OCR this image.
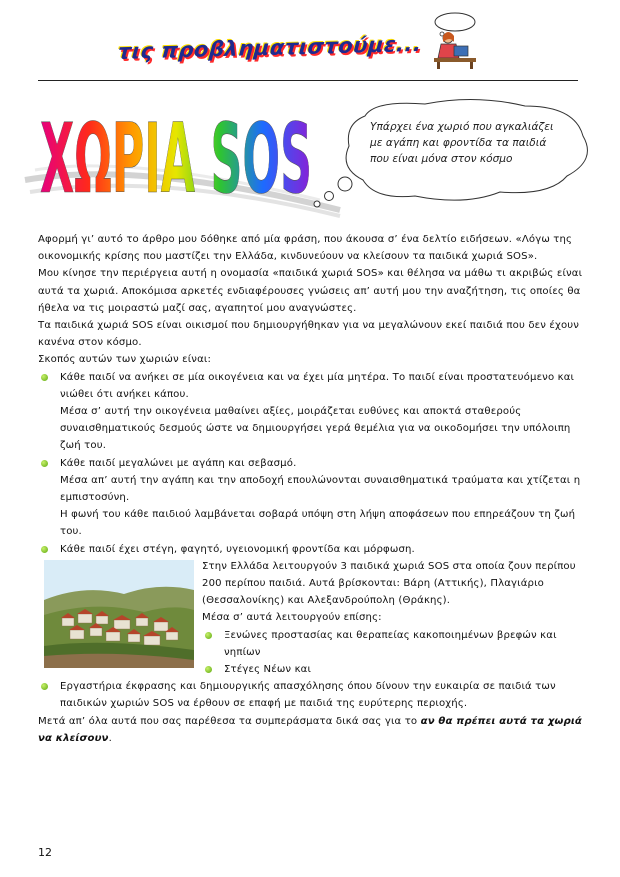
τις προβληματιστούμε...
ΧΩΡΙΑ SOS	Υπάρχει ένα χωριό που αγκαλιάζει με αγάπη και φροντίδα τα παιδιά που είναι μόνα στον κόσμο

Αφορμή γι’ αυτό το άρθρο μου δόθηκε από μία φράση, που άκουσα σ’ ένα δελτίο ειδήσεων. «Λόγω της οικονομικής κρίσης που μαστίζει την Ελλάδα, κινδυνεύουν να κλείσουν τα παιδικά χωριά SOS».

Μου κίνησε την περιέργεια αυτή η ονομασία «παιδικά χωριά SOS» και θέλησα να μάθω τι ακριβώς είναι αυτά τα χωριά. Αποκόμισα αρκετές ενδιαφέρουσες γνώσεις απ’ αυτή μου την αναζήτηση, τις οποίες θα ήθελα να τις μοιραστώ μαζί σας, αγαπητοί μου αναγνώστες.

Τα παιδικά χωριά SOS είναι οικισμοί που δημιουργήθηκαν για να μεγαλώνουν εκεί παιδιά που δεν έχουν κανένα στον κόσμο.

Σκοπός αυτών των χωριών είναι:

Κάθε παιδί να ανήκει σε μία οικογένεια και να έχει μία μητέρα. Το παιδί είναι προστατευόμενο και νιώθει ότι ανήκει κάπου.

Μέσα σ’ αυτή την οικογένεια μαθαίνει αξίες, μοιράζεται ευθύνες και αποκτά σταθερούς συναισθηματικούς δεσμούς ώστε να δημιουργήσει γερά θεμέλια για να οικοδομήσει την υπόλοιπη ζωή του.

Κάθε παιδί μεγαλώνει με αγάπη και σεβασμό.

Μέσα απ’ αυτή την αγάπη και την αποδοχή επουλώνονται συναισθηματικά τραύματα και χτίζεται η εμπιστοσύνη.

Η φωνή του κάθε παιδιού λαμβάνεται σοβαρά υπόψη στη λήψη αποφάσεων που επηρεάζουν τη ζωή του.

Κάθε παιδί έχει στέγη, φαγητό, υγειονομική φροντίδα και μόρφωση.

Στην Ελλάδα λειτουργούν 3 παιδικά χωριά SOS στα οποία ζουν περίπου 200 περίπου παιδιά. Αυτά βρίσκονται: Βάρη (Αττικής), Πλαγιάριο (Θεσσαλονίκης) και Αλεξανδρούπολη (Θράκης).

Μέσα σ’ αυτά λειτουργούν επίσης:

Ξενώνες προστασίας και θεραπείας κακοποιημένων βρεφών και νηπίων

Στέγες Νέων και

Εργαστήρια έκφρασης και δημιουργικής απασχόλησης όπου δίνουν την ευκαιρία σε παιδιά των παιδικών χωριών SOS να έρθουν σε επαφή με παιδιά της ευρύτερης περιοχής.

Μετά απ’ όλα αυτά που σας παρέθεσα τα συμπεράσματα δικά σας για το αν θα πρέπει αυτά τα χωριά να κλείσουν.

12
